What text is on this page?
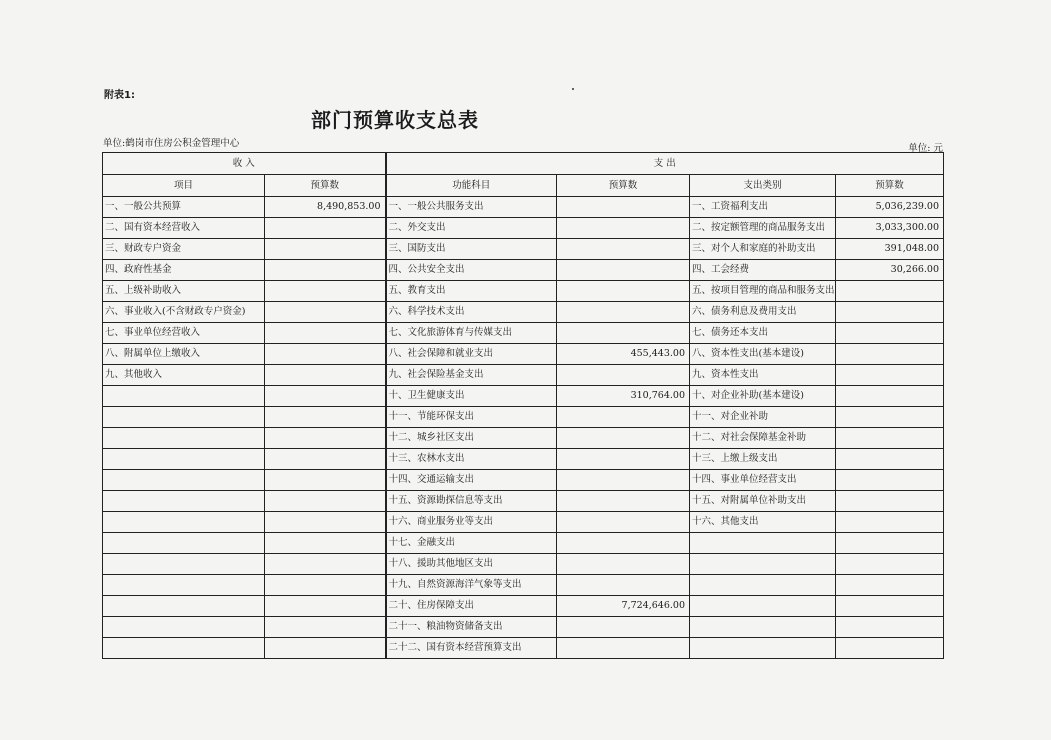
附表1:
部门预算收支总表
单位:鹤岗市住房公积金管理中心	单位: 元
收 入		支 出			
项目	预算数	功能科目	预算数	支出类别	预算数
一、一般公共预算	8,490,853.00	一、一般公共服务支出		一、工资福利支出	5,036,239.00
二、国有资本经营收入		二、外交支出		二、按定额管理的商品服务支出	3,033,300.00
三、财政专户资金		三、国防支出		三、对个人和家庭的补助支出	391,048.00
四、政府性基金		四、公共安全支出		四、工会经费	30,266.00
五、上级补助收入		五、教育支出		五、按项目管理的商品和服务支出	
六、事业收入(不含财政专户资金)		六、科学技术支出		六、债务利息及费用支出	
七、事业单位经营收入		七、文化旅游体育与传媒支出		七、债务还本支出	
八、附属单位上缴收入		八、社会保障和就业支出	455,443.00	八、资本性支出(基本建设)	
九、其他收入		九、社会保险基金支出		九、资本性支出	
		十、卫生健康支出	310,764.00	十、对企业补助(基本建设)	
		十一、节能环保支出		十一、对企业补助	
		十二、城乡社区支出		十二、对社会保障基金补助	
		十三、农林水支出		十三、上缴上级支出	
		十四、交通运输支出		十四、事业单位经营支出	
		十五、资源勘探信息等支出		十五、对附属单位补助支出	
		十六、商业服务业等支出		十六、其他支出	
		十七、金融支出			
		十八、援助其他地区支出			
		十九、自然资源海洋气象等支出			
		二十、住房保障支出	7,724,646.00		
		二十一、粮油物资储备支出			
		二十二、国有资本经营预算支出			
